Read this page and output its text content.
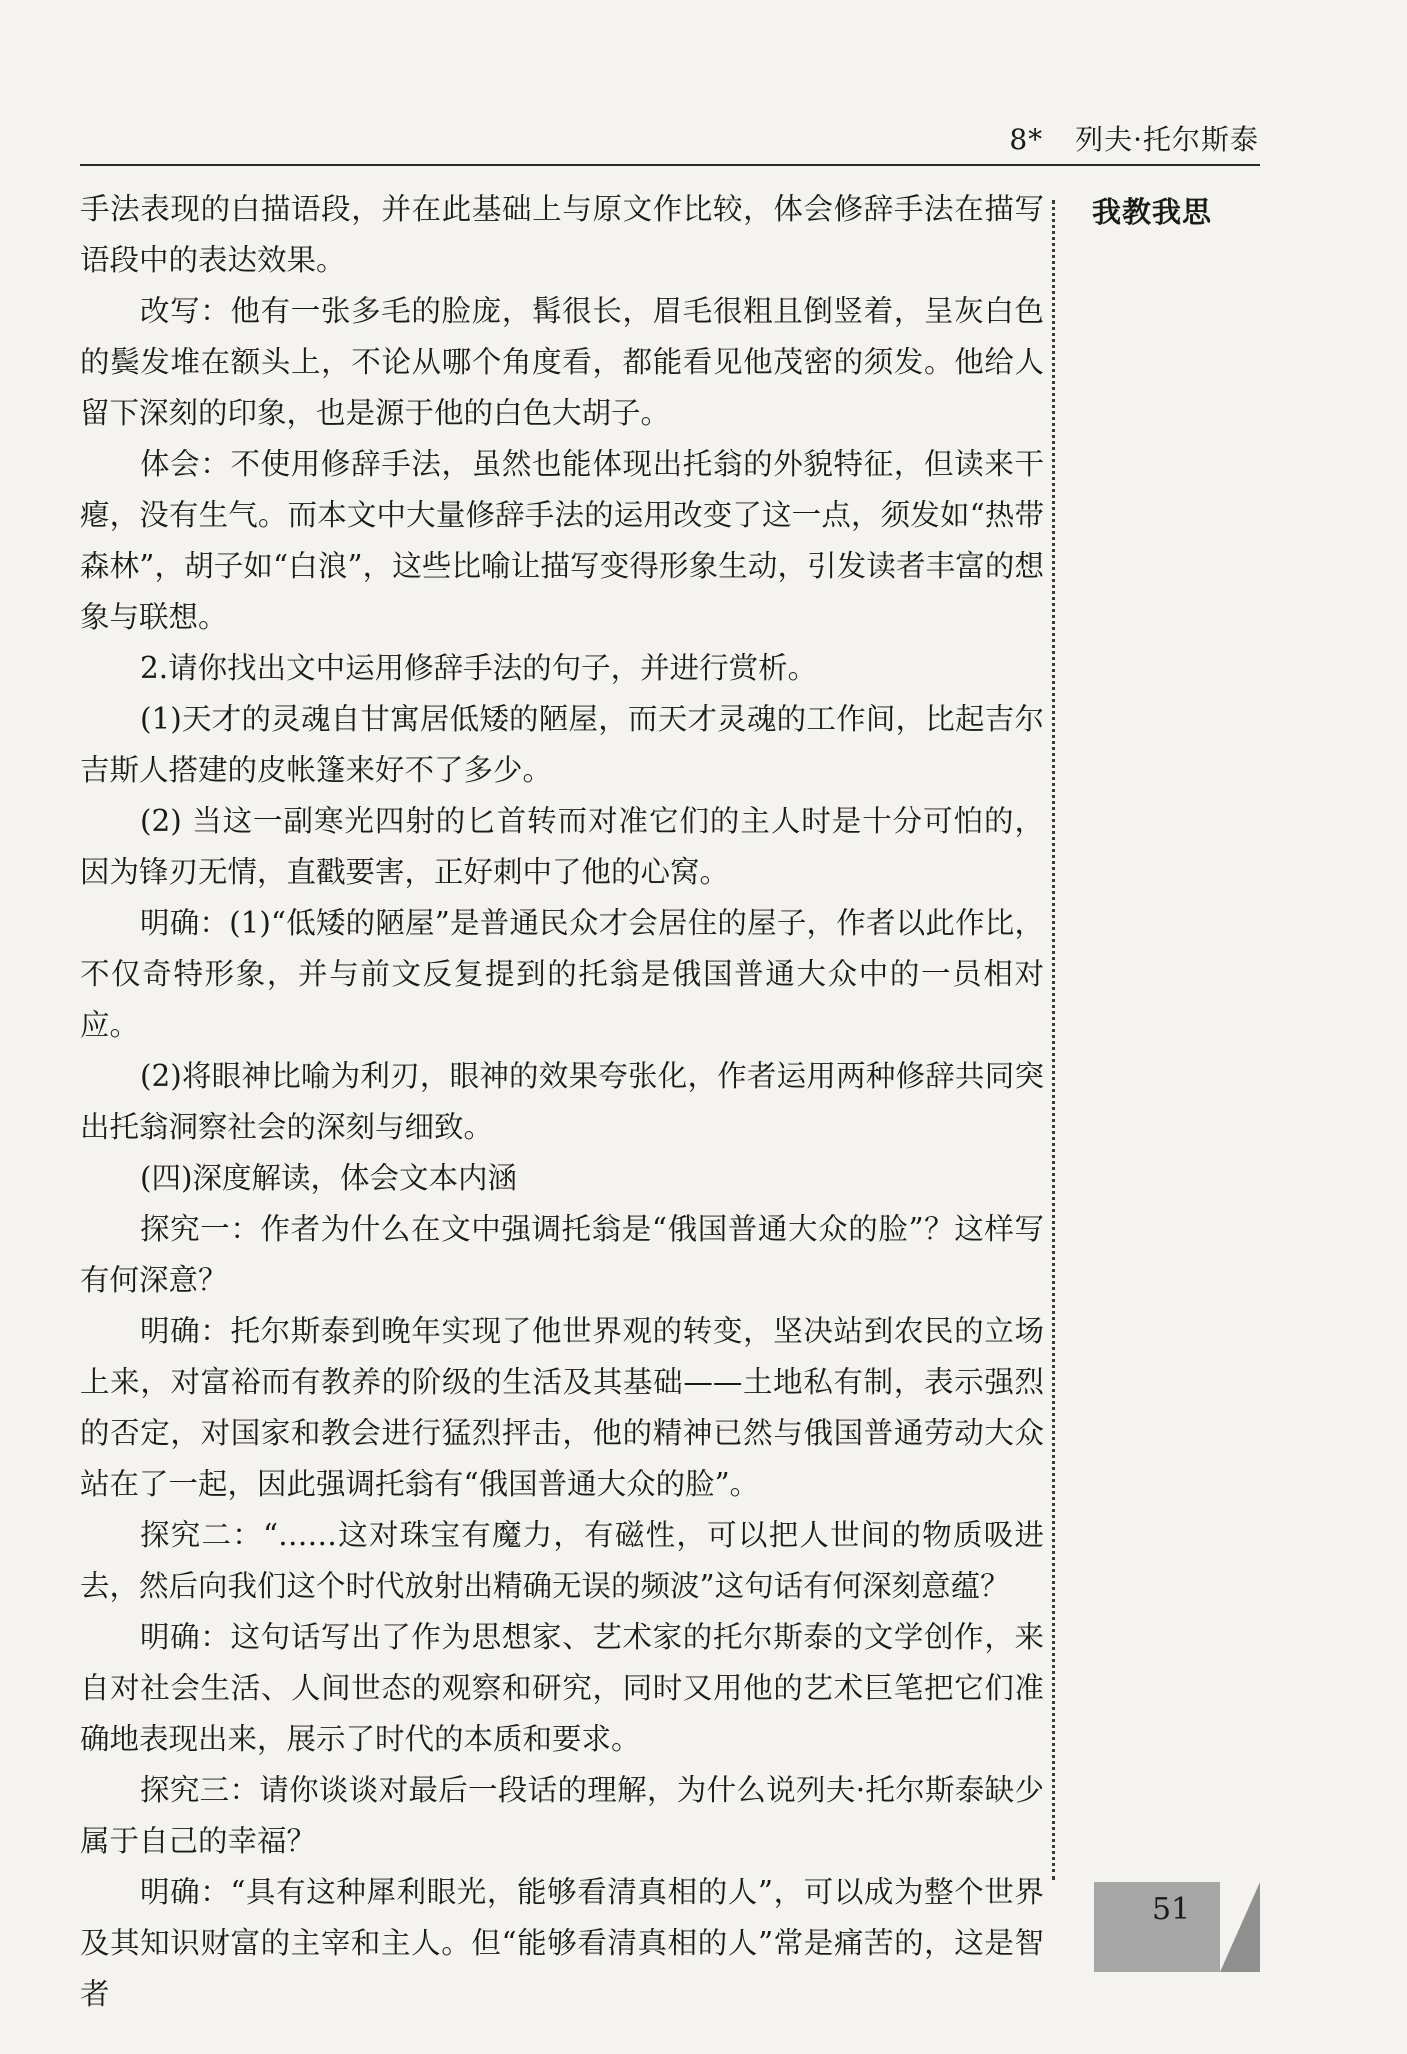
8* 列夫·托尔斯泰

手法表现的白描语段，并在此基础上与原文作比较，体会修辞手法在描写语段中的表达效果。

改写：他有一张多毛的脸庞，髯很长，眉毛很粗且倒竖着，呈灰白色的鬓发堆在额头上，不论从哪个角度看，都能看见他茂密的须发。他给人留下深刻的印象，也是源于他的白色大胡子。

体会：不使用修辞手法，虽然也能体现出托翁的外貌特征，但读来干瘪，没有生气。而本文中大量修辞手法的运用改变了这一点，须发如“热带森林”，胡子如“白浪”，这些比喻让描写变得形象生动，引发读者丰富的想象与联想。

2.请你找出文中运用修辞手法的句子，并进行赏析。

(1)天才的灵魂自甘寓居低矮的陋屋，而天才灵魂的工作间，比起吉尔吉斯人搭建的皮帐篷来好不了多少。

(2) 当这一副寒光四射的匕首转而对准它们的主人时是十分可怕的，因为锋刃无情，直戳要害，正好刺中了他的心窝。

明确：(1)“低矮的陋屋”是普通民众才会居住的屋子，作者以此作比，不仅奇特形象，并与前文反复提到的托翁是俄国普通大众中的一员相对应。

(2)将眼神比喻为利刃，眼神的效果夸张化，作者运用两种修辞共同突出托翁洞察社会的深刻与细致。

(四)深度解读，体会文本内涵

探究一：作者为什么在文中强调托翁是“俄国普通大众的脸”？这样写有何深意？

明确：托尔斯泰到晚年实现了他世界观的转变，坚决站到农民的立场上来，对富裕而有教养的阶级的生活及其基础——土地私有制，表示强烈的否定，对国家和教会进行猛烈抨击，他的精神已然与俄国普通劳动大众站在了一起，因此强调托翁有“俄国普通大众的脸”。

探究二：“……这对珠宝有魔力，有磁性，可以把人世间的物质吸进去，然后向我们这个时代放射出精确无误的频波”这句话有何深刻意蕴？

明确：这句话写出了作为思想家、艺术家的托尔斯泰的文学创作，来自对社会生活、人间世态的观察和研究，同时又用他的艺术巨笔把它们准确地表现出来，展示了时代的本质和要求。

探究三：请你谈谈对最后一段话的理解，为什么说列夫·托尔斯泰缺少属于自己的幸福？

明确：“具有这种犀利眼光，能够看清真相的人”，可以成为整个世界及其知识财富的主宰和主人。但“能够看清真相的人”常是痛苦的，这是智者

我教我思
51
